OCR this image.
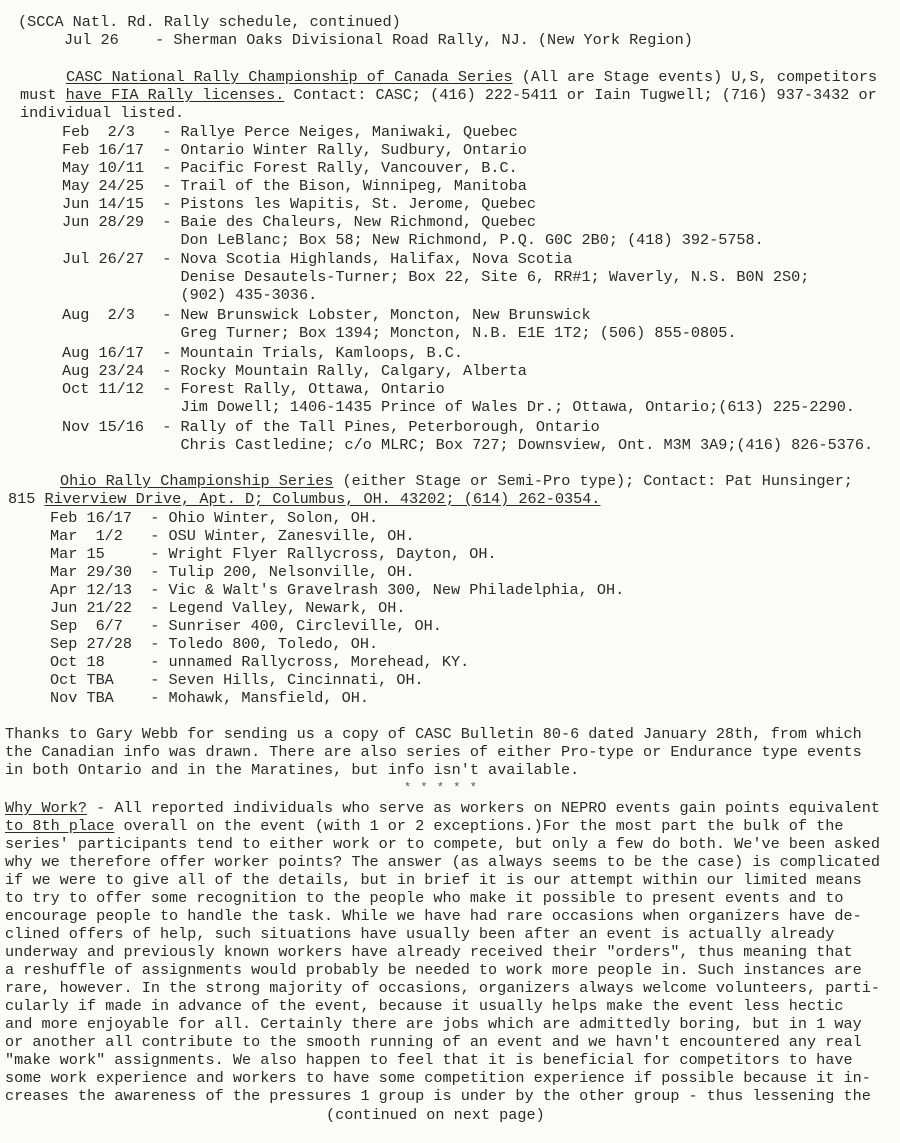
(SCCA Natl. Rd. Rally schedule, continued)
Jul 26    - Sherman Oaks Divisional Road Rally, NJ. (New York Region)
CASC National Rally Championship of Canada Series (All are Stage events) U,S, competitors
must have FIA Rally licenses. Contact: CASC; (416) 222-5411 or Iain Tugwell; (716) 937-3432 or
individual listed.
Feb  2/3   - Rallye Perce Neiges, Maniwaki, Quebec
Feb 16/17  - Ontario Winter Rally, Sudbury, Ontario
May 10/11  - Pacific Forest Rally, Vancouver, B.C.
May 24/25  - Trail of the Bison, Winnipeg, Manitoba
Jun 14/15  - Pistons les Wapitis, St. Jerome, Quebec
Jun 28/29  - Baie des Chaleurs, New Richmond, Quebec
Don LeBlanc; Box 58; New Richmond, P.Q. G0C 2B0; (418) 392-5758.
Jul 26/27  - Nova Scotia Highlands, Halifax, Nova Scotia
Denise Desautels-Turner; Box 22, Site 6, RR#1; Waverly, N.S. B0N 2S0;
(902) 435-3036.
Aug  2/3   - New Brunswick Lobster, Moncton, New Brunswick
Greg Turner; Box 1394; Moncton, N.B. E1E 1T2; (506) 855-0805.
Aug 16/17  - Mountain Trials, Kamloops, B.C.
Aug 23/24  - Rocky Mountain Rally, Calgary, Alberta
Oct 11/12  - Forest Rally, Ottawa, Ontario
Jim Dowell; 1406-1435 Prince of Wales Dr.; Ottawa, Ontario;(613) 225-2290.
Nov 15/16  - Rally of the Tall Pines, Peterborough, Ontario
Chris Castledine; c/o MLRC; Box 727; Downsview, Ont. M3M 3A9;(416) 826-5376.
Ohio Rally Championship Series (either Stage or Semi-Pro type); Contact: Pat Hunsinger;
815 Riverview Drive, Apt. D; Columbus, OH. 43202; (614) 262-0354.
Feb 16/17  - Ohio Winter, Solon, OH.
Mar  1/2   - OSU Winter, Zanesville, OH.
Mar 15     - Wright Flyer Rallycross, Dayton, OH.
Mar 29/30  - Tulip 200, Nelsonville, OH.
Apr 12/13  - Vic & Walt's Gravelrash 300, New Philadelphia, OH.
Jun 21/22  - Legend Valley, Newark, OH.
Sep  6/7   - Sunriser 400, Circleville, OH.
Sep 27/28  - Toledo 800, Toledo, OH.
Oct 18     - unnamed Rallycross, Morehead, KY.
Oct TBA    - Seven Hills, Cincinnati, OH.
Nov TBA    - Mohawk, Mansfield, OH.
Thanks to Gary Webb for sending us a copy of CASC Bulletin 80-6 dated January 28th, from which
the Canadian info was drawn. There are also series of either Pro-type or Endurance type events
in both Ontario and in the Maratines, but info isn't available.
* * * * *
Why Work? - All reported individuals who serve as workers on NEPRO events gain points equivalent
to 8th place overall on the event (with 1 or 2 exceptions.)For the most part the bulk of the
series' participants tend to either work or to compete, but only a few do both. We've been asked
why we therefore offer worker points? The answer (as always seems to be the case) is complicated
if we were to give all of the details, but in brief it is our attempt within our limited means
to try to offer some recognition to the people who make it possible to present events and to
encourage people to handle the task. While we have had rare occasions when organizers have de-
clined offers of help, such situations have usually been after an event is actually already
underway and previously known workers have already received their "orders", thus meaning that
a reshuffle of assignments would probably be needed to work more people in. Such instances are
rare, however. In the strong majority of occasions, organizers always welcome volunteers, parti-
cularly if made in advance of the event, because it usually helps make the event less hectic
and more enjoyable for all. Certainly there are jobs which are admittedly boring, but in 1 way
or another all contribute to the smooth running of an event and we havn't encountered any real
"make work" assignments. We also happen to feel that it is beneficial for competitors to have
some work experience and workers to have some competition experience if possible because it in-
creases the awareness of the pressures 1 group is under by the other group - thus lessening the
(continued on next page)
